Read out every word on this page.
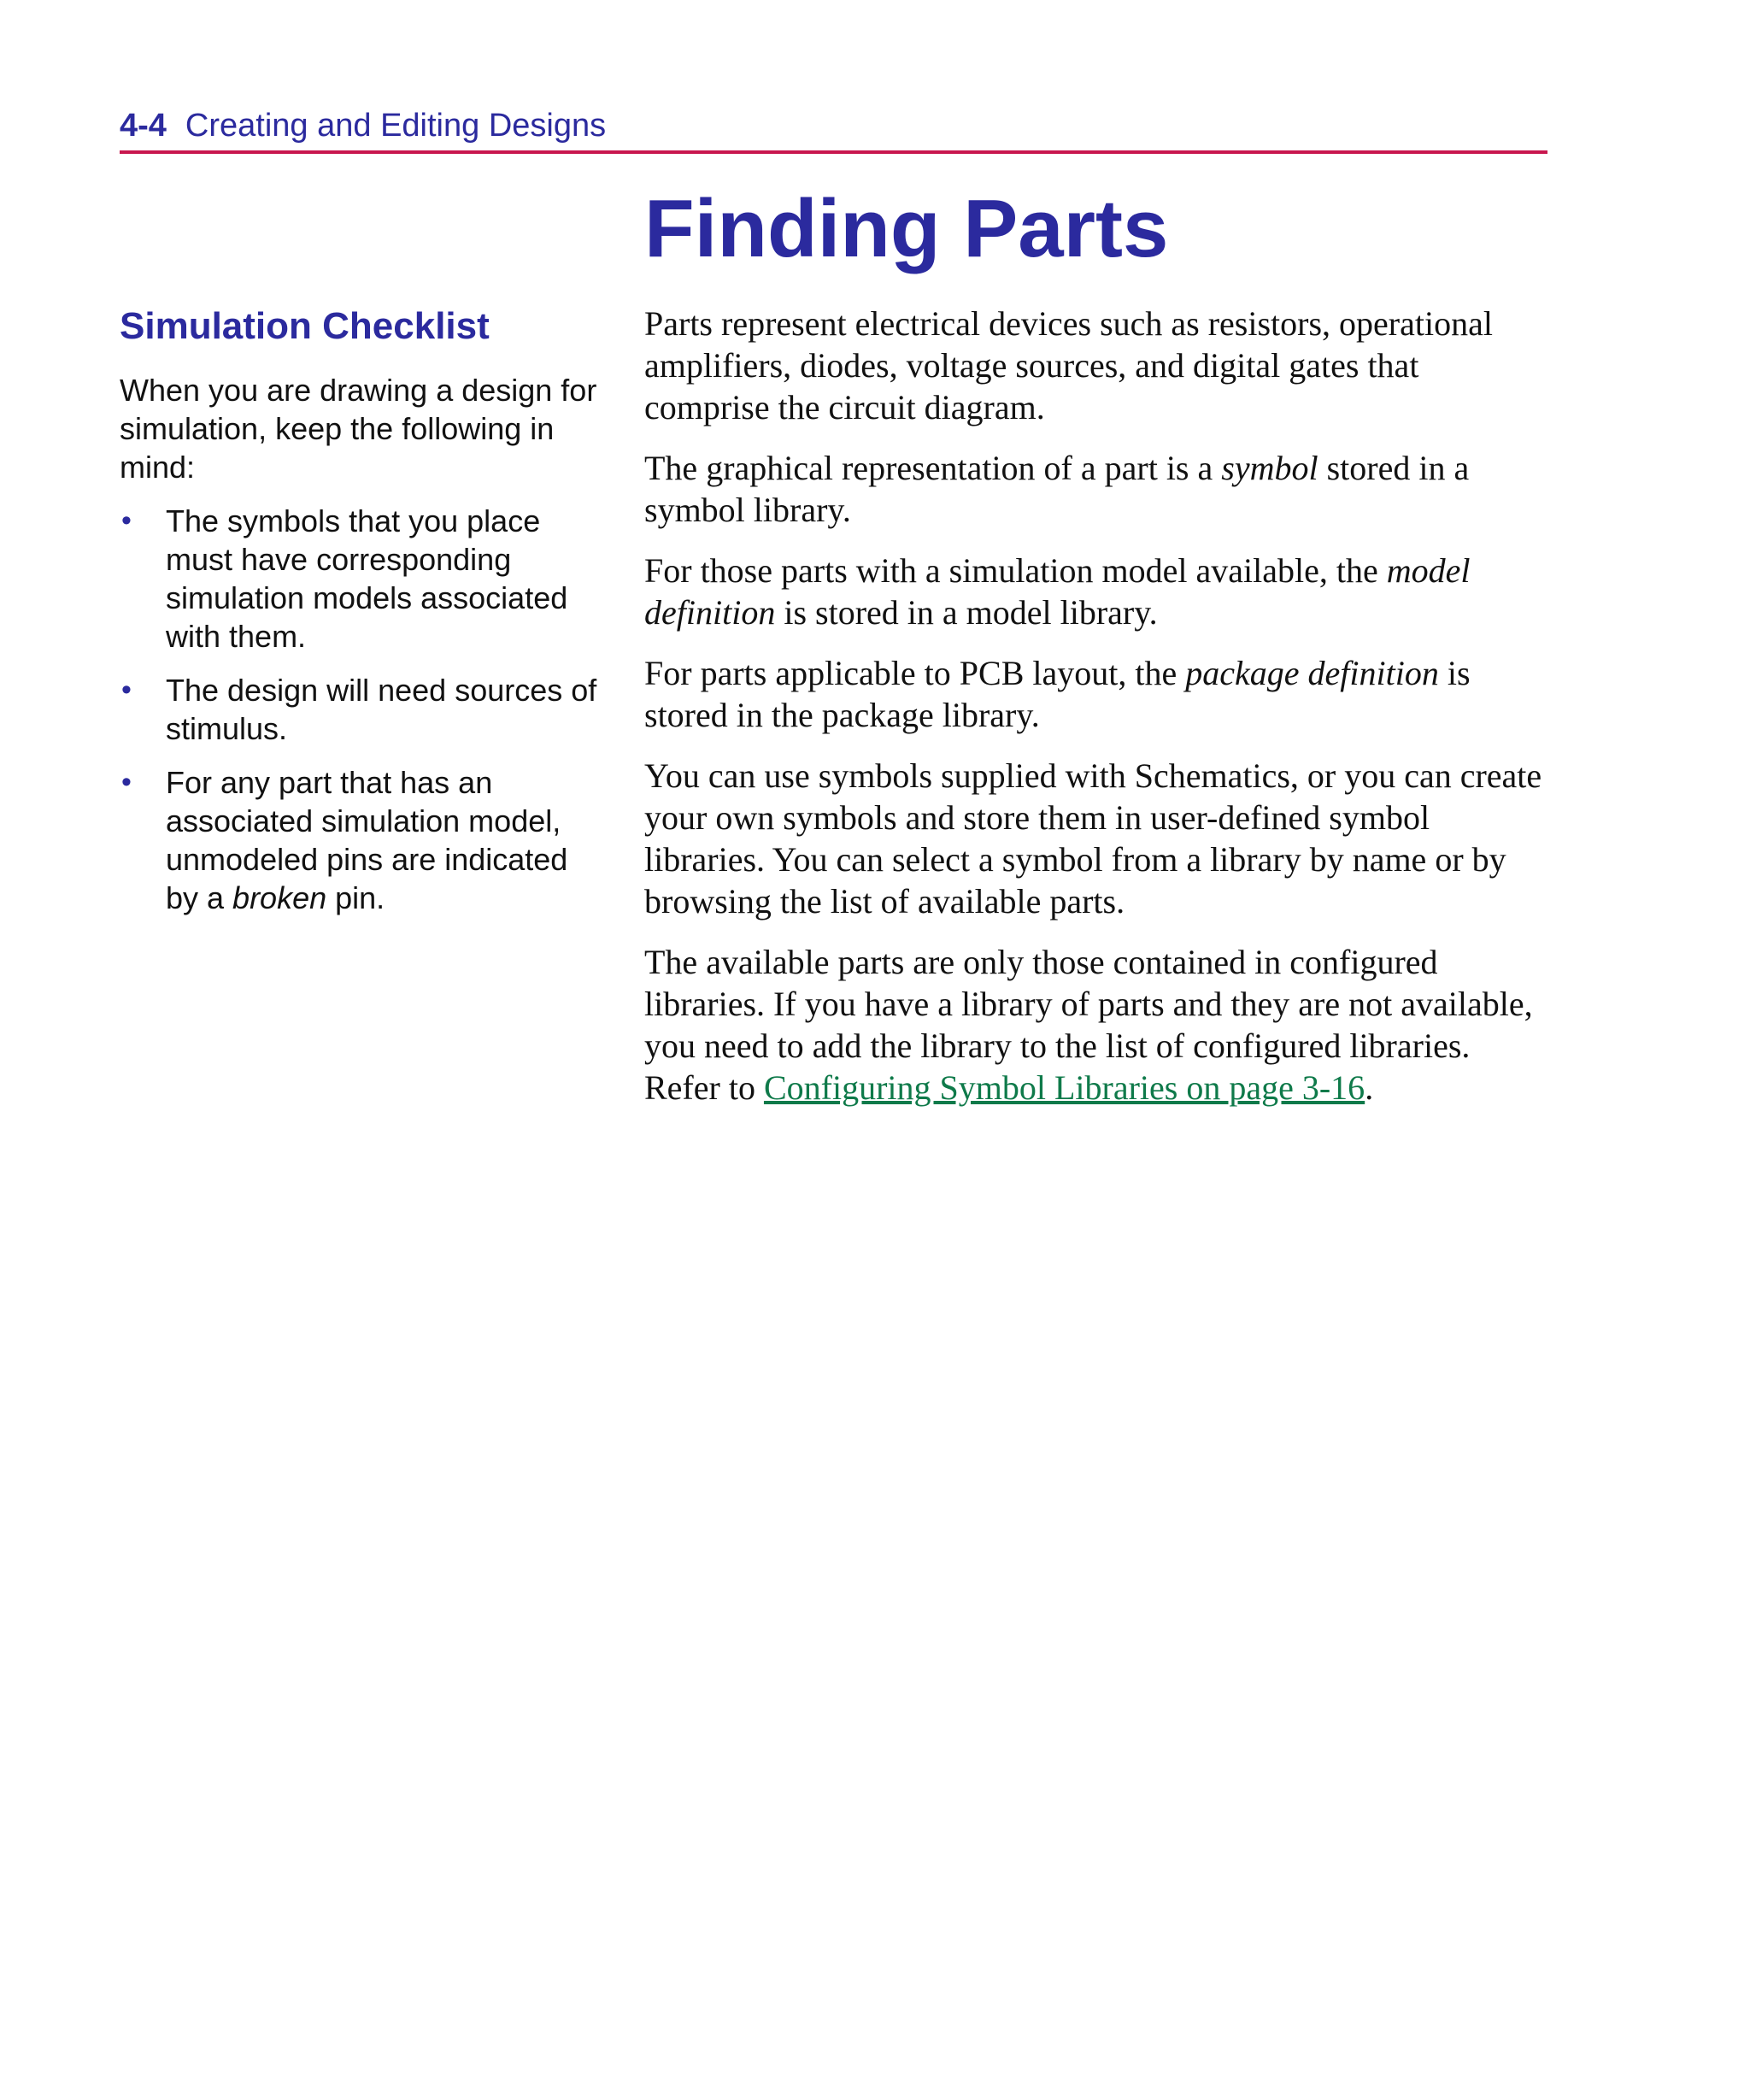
4-4 Creating and Editing Designs
Finding Parts
Simulation Checklist

When you are drawing a design for simulation, keep the following in mind:

• The symbols that you place must have corresponding simulation models associated with them.
• The design will need sources of stimulus.
• For any part that has an associated simulation model, unmodeled pins are indicated by a broken pin.

Parts represent electrical devices such as resistors, operational amplifiers, diodes, voltage sources, and digital gates that comprise the circuit diagram.

The graphical representation of a part is a symbol stored in a symbol library.

For those parts with a simulation model available, the model definition is stored in a model library.

For parts applicable to PCB layout, the package definition is stored in the package library.

You can use symbols supplied with Schematics, or you can create your own symbols and store them in user-defined symbol libraries. You can select a symbol from a library by name or by browsing the list of available parts.

The available parts are only those contained in configured libraries. If you have a library of parts and they are not available, you need to add the library to the list of configured libraries. Refer to Configuring Symbol Libraries on page 3-16.
